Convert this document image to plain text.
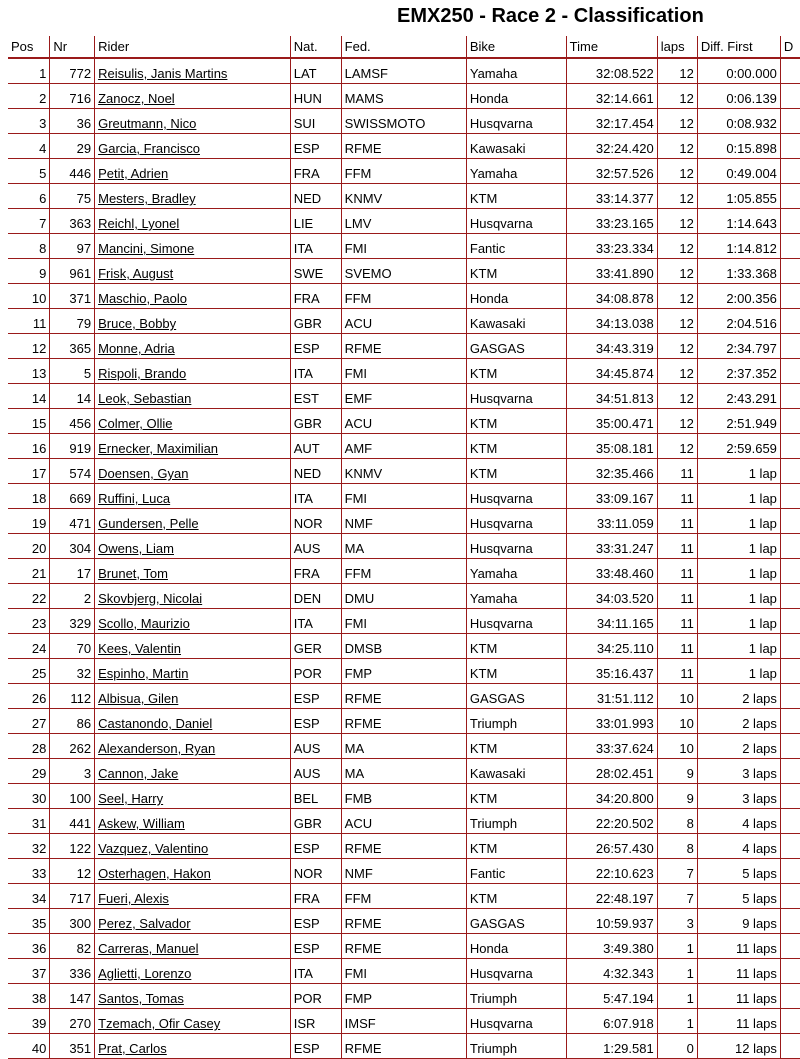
EMX250 - Race 2 - Classification
Pos	Nr	Rider	Nat.	Fed.	Bike	Time	laps	Diff. First	D
1	772	Reisulis, Janis Martins	LAT	LAMSF	Yamaha	32:08.522	12	0:00.000	
2	716	Zanocz, Noel	HUN	MAMS	Honda	32:14.661	12	0:06.139	
3	36	Greutmann, Nico	SUI	SWISSMOTO	Husqvarna	32:17.454	12	0:08.932	
4	29	Garcia, Francisco	ESP	RFME	Kawasaki	32:24.420	12	0:15.898	
5	446	Petit, Adrien	FRA	FFM	Yamaha	32:57.526	12	0:49.004	
6	75	Mesters, Bradley	NED	KNMV	KTM	33:14.377	12	1:05.855	
7	363	Reichl, Lyonel	LIE	LMV	Husqvarna	33:23.165	12	1:14.643	
8	97	Mancini, Simone	ITA	FMI	Fantic	33:23.334	12	1:14.812	
9	961	Frisk, August	SWE	SVEMO	KTM	33:41.890	12	1:33.368	
10	371	Maschio, Paolo	FRA	FFM	Honda	34:08.878	12	2:00.356	
11	79	Bruce, Bobby	GBR	ACU	Kawasaki	34:13.038	12	2:04.516	
12	365	Monne, Adria	ESP	RFME	GASGAS	34:43.319	12	2:34.797	
13	5	Rispoli, Brando	ITA	FMI	KTM	34:45.874	12	2:37.352	
14	14	Leok, Sebastian	EST	EMF	Husqvarna	34:51.813	12	2:43.291	
15	456	Colmer, Ollie	GBR	ACU	KTM	35:00.471	12	2:51.949	
16	919	Ernecker, Maximilian	AUT	AMF	KTM	35:08.181	12	2:59.659	
17	574	Doensen, Gyan	NED	KNMV	KTM	32:35.466	11	1 lap	
18	669	Ruffini, Luca	ITA	FMI	Husqvarna	33:09.167	11	1 lap	
19	471	Gundersen, Pelle	NOR	NMF	Husqvarna	33:11.059	11	1 lap	
20	304	Owens, Liam	AUS	MA	Husqvarna	33:31.247	11	1 lap	
21	17	Brunet, Tom	FRA	FFM	Yamaha	33:48.460	11	1 lap	
22	2	Skovbjerg, Nicolai	DEN	DMU	Yamaha	34:03.520	11	1 lap	
23	329	Scollo, Maurizio	ITA	FMI	Husqvarna	34:11.165	11	1 lap	
24	70	Kees, Valentin	GER	DMSB	KTM	34:25.110	11	1 lap	
25	32	Espinho, Martin	POR	FMP	KTM	35:16.437	11	1 lap	
26	112	Albisua, Gilen	ESP	RFME	GASGAS	31:51.112	10	2 laps	
27	86	Castanondo, Daniel	ESP	RFME	Triumph	33:01.993	10	2 laps	
28	262	Alexanderson, Ryan	AUS	MA	KTM	33:37.624	10	2 laps	
29	3	Cannon, Jake	AUS	MA	Kawasaki	28:02.451	9	3 laps	
30	100	Seel, Harry	BEL	FMB	KTM	34:20.800	9	3 laps	
31	441	Askew, William	GBR	ACU	Triumph	22:20.502	8	4 laps	
32	122	Vazquez, Valentino	ESP	RFME	KTM	26:57.430	8	4 laps	
33	12	Osterhagen, Hakon	NOR	NMF	Fantic	22:10.623	7	5 laps	
34	717	Fueri, Alexis	FRA	FFM	KTM	22:48.197	7	5 laps	
35	300	Perez, Salvador	ESP	RFME	GASGAS	10:59.937	3	9 laps	
36	82	Carreras, Manuel	ESP	RFME	Honda	3:49.380	1	11 laps	
37	336	Aglietti, Lorenzo	ITA	FMI	Husqvarna	4:32.343	1	11 laps	
38	147	Santos, Tomas	POR	FMP	Triumph	5:47.194	1	11 laps	
39	270	Tzemach, Ofir Casey	ISR	IMSF	Husqvarna	6:07.918	1	11 laps	
40	351	Prat, Carlos	ESP	RFME	Triumph	1:29.581	0	12 laps	
